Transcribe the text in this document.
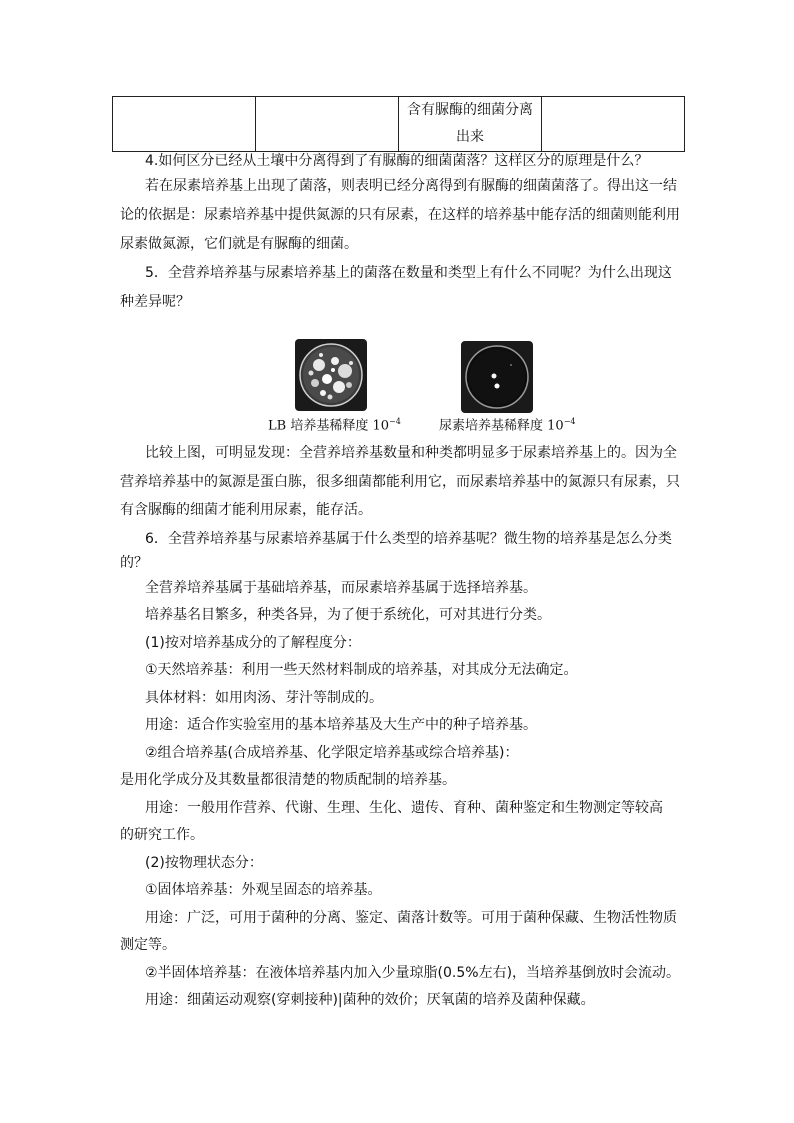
含有脲酶的细菌分离
出来

4.如何区分已经从土壤中分离得到了有脲酶的细菌菌落？这样区分的原理是什么？

若在尿素培养基上出现了菌落，则表明已经分离得到有脲酶的细菌菌落了。得出这一结

论的依据是：尿素培养基中提供氮源的只有尿素，在这样的培养基中能存活的细菌则能利用

尿素做氮源，它们就是有脲酶的细菌。

5．全营养培养基与尿素培养基上的菌落在数量和类型上有什么不同呢？为什么出现这

种差异呢？

LB 培养基稀释度 $10^{-4}$	尿素培养基稀释度 $10^{-4}$

比较上图，可明显发现：全营养培养基数量和种类都明显多于尿素培养基上的。因为全

营养培养基中的氮源是蛋白胨，很多细菌都能利用它，而尿素培养基中的氮源只有尿素，只

有含脲酶的细菌才能利用尿素，能存活。

6．全营养培养基与尿素培养基属于什么类型的培养基呢？微生物的培养基是怎么分类

的？

全营养培养基属于基础培养基，而尿素培养基属于选择培养基。

培养基名目繁多，种类各异，为了便于系统化，可对其进行分类。

(1)按对培养基成分的了解程度分：

①天然培养基：利用一些天然材料制成的培养基，对其成分无法确定。

具体材料：如用肉汤、芽汁等制成的。

用途：适合作实验室用的基本培养基及大生产中的种子培养基。

②组合培养基(合成培养基、化学限定培养基或综合培养基)：

是用化学成分及其数量都很清楚的物质配制的培养基。

用途：一般用作营养、代谢、生理、生化、遗传、育种、菌种鉴定和生物测定等较高

的研究工作。

(2)按物理状态分：

①固体培养基：外观呈固态的培养基。

用途：广泛，可用于菌种的分离、鉴定、菌落计数等。可用于菌种保藏、生物活性物质

测定等。

②半固体培养基：在液体培养基内加入少量琼脂(0.5%左右)，当培养基倒放时会流动。

用途：细菌运动观察(穿刺接种)|菌种的效价；厌氧菌的培养及菌种保藏。
